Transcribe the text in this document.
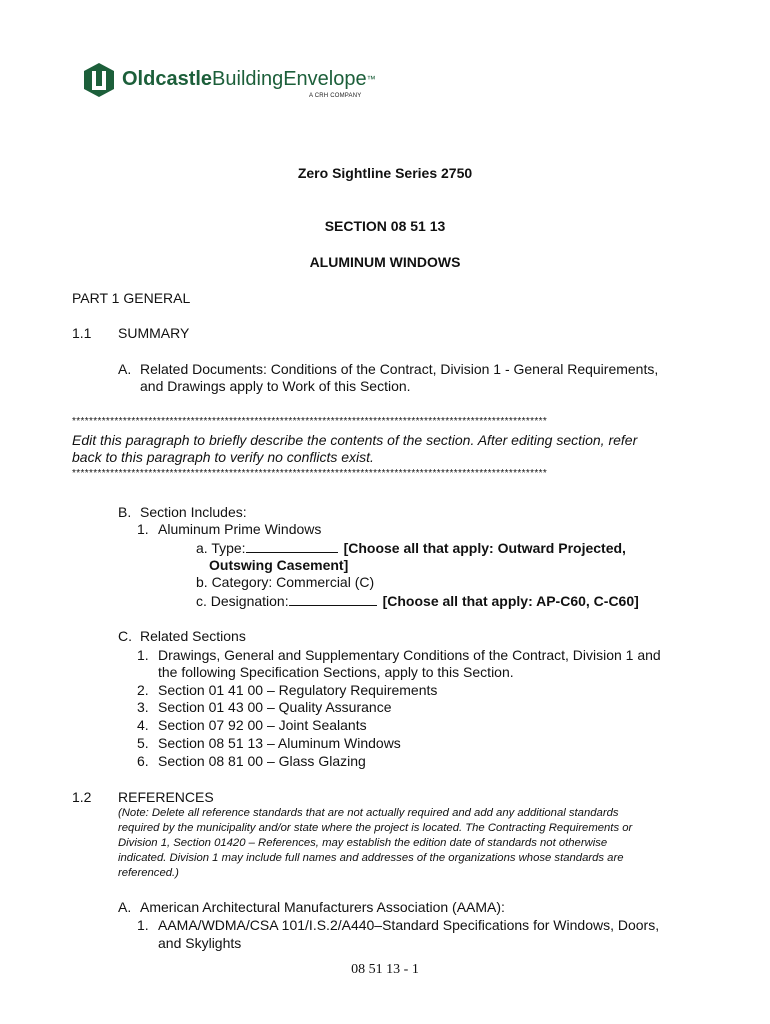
OldcastleBuildingEnvelope™
A CRH COMPANY
Zero Sightline Series 2750
SECTION 08 51 13
ALUMINUM WINDOWS
PART 1 GENERAL
1.1 SUMMARY
A. Related Documents: Conditions of the Contract, Division 1 - General Requirements,
and Drawings apply to Work of this Section.
****************************************************************************************************************
Edit this paragraph to briefly describe the contents of the section. After editing section, refer
back to this paragraph to verify no conflicts exist.
****************************************************************************************************************
B. Section Includes:
1. Aluminum Prime Windows
a. Type:	[Choose all that apply: Outward Projected,
Outswing Casement]
b. Category: Commercial (C)
c. Designation:	[Choose all that apply: AP-C60, C-C60]
C. Related Sections
1. Drawings, General and Supplementary Conditions of the Contract, Division 1 and
the following Specification Sections, apply to this Section.
2. Section 01 41 00 – Regulatory Requirements
3. Section 01 43 00 – Quality Assurance
4. Section 07 92 00 – Joint Sealants
5. Section 08 51 13 – Aluminum Windows
6. Section 08 81 00 – Glass Glazing
1.2 REFERENCES
(Note: Delete all reference standards that are not actually required and add any additional standards
required by the municipality and/or state where the project is located. The Contracting Requirements or
Division 1, Section 01420 – References, may establish the edition date of standards not otherwise
indicated. Division 1 may include full names and addresses of the organizations whose standards are
referenced.)
A. American Architectural Manufacturers Association (AAMA):
1. AAMA/WDMA/CSA 101/I.S.2/A440–Standard Specifications for Windows, Doors,
and Skylights
08 51 13 - 1
